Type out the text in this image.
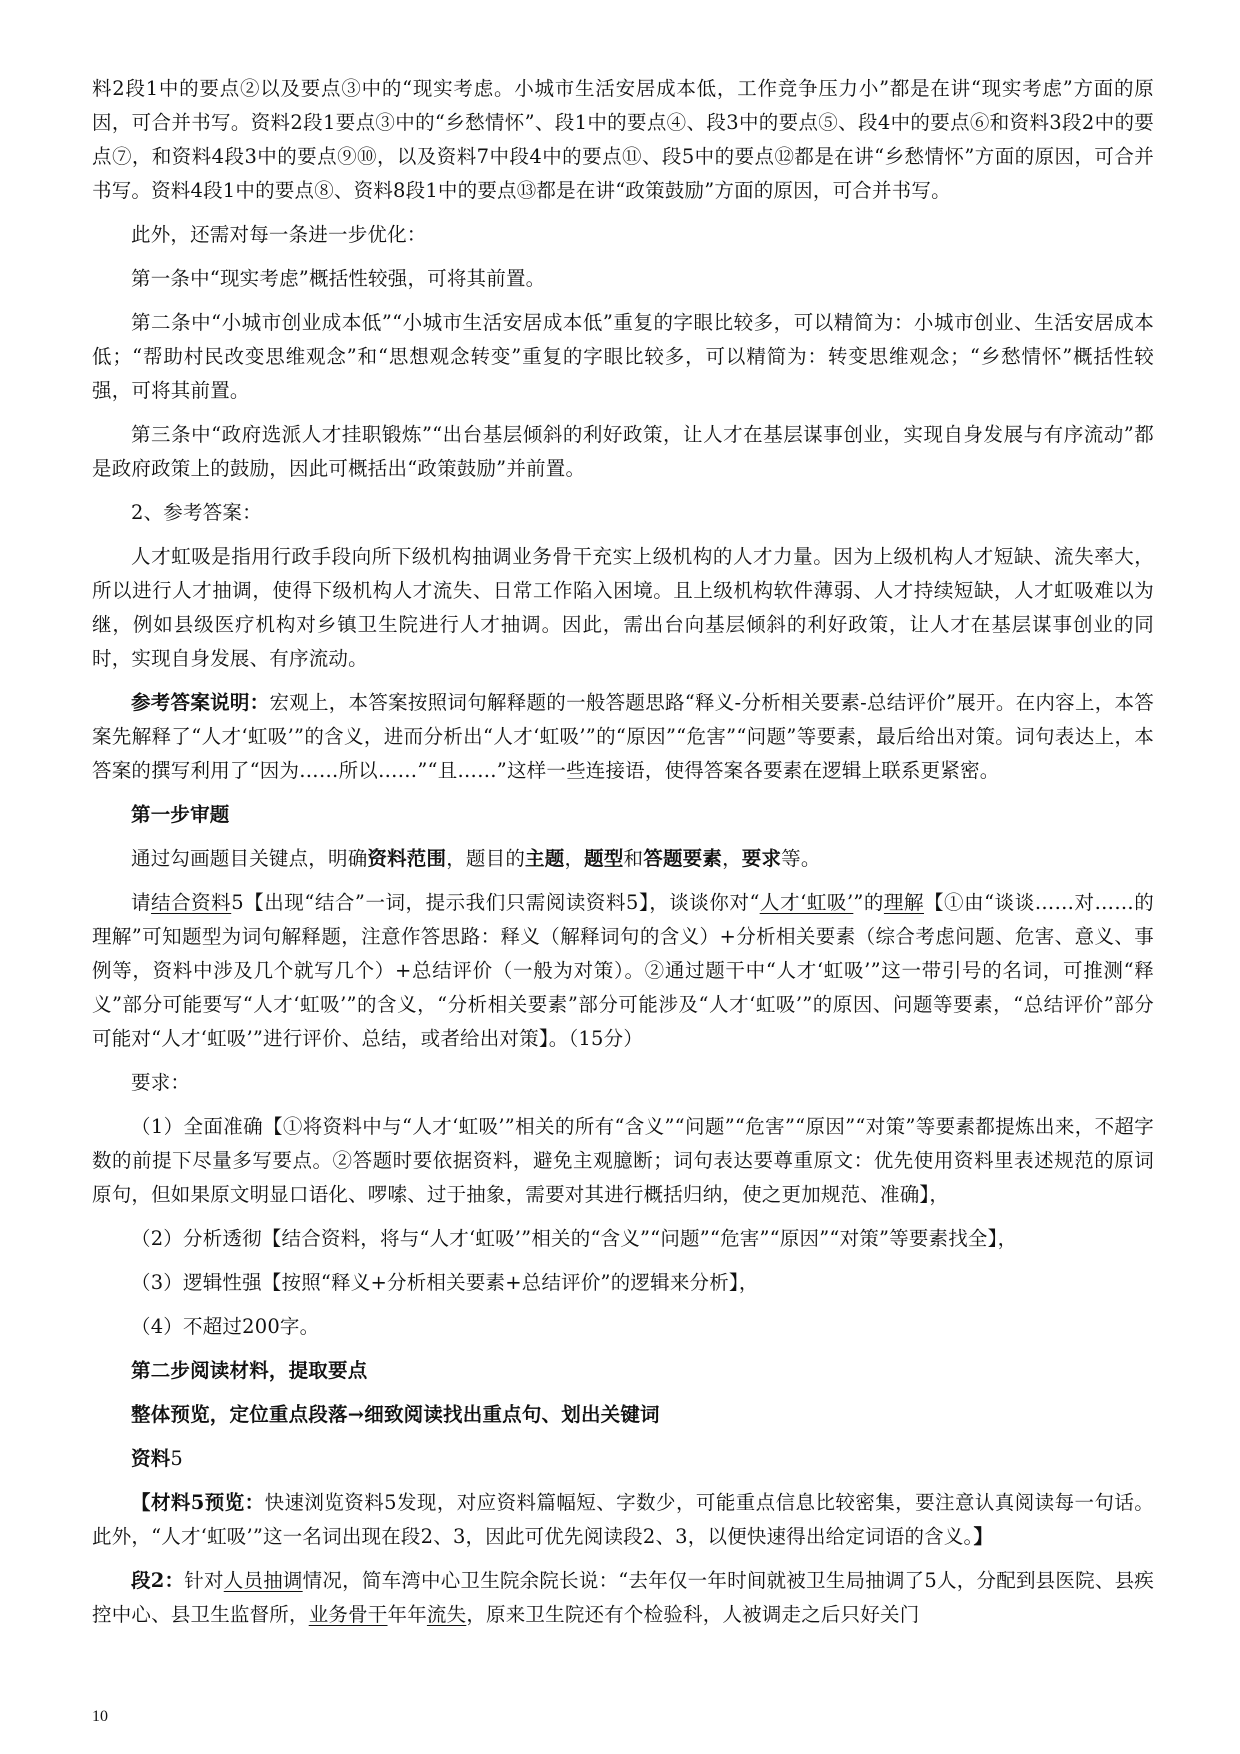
料2段1中的要点②以及要点③中的“现实考虑。小城市生活安居成本低，工作竞争压力小”都是在讲“现实考虑”方面的原因，可合并书写。资料2段1要点③中的“乡愁情怀”、段1中的要点④、段3中的要点⑤、段4中的要点⑥和资料3段2中的要点⑦，和资料4段3中的要点⑨⑩，以及资料7中段4中的要点⑪、段5中的要点⑫都是在讲“乡愁情怀”方面的原因，可合并书写。资料4段1中的要点⑧、资料8段1中的要点⑬都是在讲“政策鼓励”方面的原因，可合并书写。

此外，还需对每一条进一步优化：

第一条中“现实考虑”概括性较强，可将其前置。

第二条中“小城市创业成本低”“小城市生活安居成本低”重复的字眼比较多，可以精简为：小城市创业、生活安居成本低；“帮助村民改变思维观念”和“思想观念转变”重复的字眼比较多，可以精简为：转变思维观念；“乡愁情怀”概括性较强，可将其前置。

第三条中“政府选派人才挂职锻炼”“出台基层倾斜的利好政策，让人才在基层谋事创业，实现自身发展与有序流动”都是政府政策上的鼓励，因此可概括出“政策鼓励”并前置。

2、参考答案：

人才虹吸是指用行政手段向所下级机构抽调业务骨干充实上级机构的人才力量。因为上级机构人才短缺、流失率大，所以进行人才抽调，使得下级机构人才流失、日常工作陷入困境。且上级机构软件薄弱、人才持续短缺，人才虹吸难以为继，例如县级医疗机构对乡镇卫生院进行人才抽调。因此，需出台向基层倾斜的利好政策，让人才在基层谋事创业的同时，实现自身发展、有序流动。

参考答案说明：宏观上，本答案按照词句解释题的一般答题思路“释义-分析相关要素-总结评价”展开。在内容上，本答案先解释了“人才‘虹吸’”的含义，进而分析出“人才‘虹吸’”的“原因”“危害”“问题”等要素，最后给出对策。词句表达上，本答案的撰写利用了“因为……所以……”“且……”这样一些连接语，使得答案各要素在逻辑上联系更紧密。

第一步审题

通过勾画题目关键点，明确资料范围，题目的主题，题型和答题要素，要求等。

请结合资料5【出现“结合”一词，提示我们只需阅读资料5】，谈谈你对“人才‘虹吸’”的理解【①由“谈谈……对……的理解”可知题型为词句解释题，注意作答思路：释义（解释词句的含义）+分析相关要素（综合考虑问题、危害、意义、事例等，资料中涉及几个就写几个）+总结评价（一般为对策）。②通过题干中“人才‘虹吸’”这一带引号的名词，可推测“释义”部分可能要写“人才‘虹吸’”的含义，“分析相关要素”部分可能涉及“人才‘虹吸’”的原因、问题等要素，“总结评价”部分可能对“人才‘虹吸’”进行评价、总结，或者给出对策】。（15分）

要求：

（1）全面准确【①将资料中与“人才‘虹吸’”相关的所有“含义”“问题”“危害”“原因”“对策”等要素都提炼出来，不超字数的前提下尽量多写要点。②答题时要依据资料，避免主观臆断；词句表达要尊重原文：优先使用资料里表述规范的原词原句，但如果原文明显口语化、啰嗦、过于抽象，需要对其进行概括归纳，使之更加规范、准确】，

（2）分析透彻【结合资料，将与“人才‘虹吸’”相关的“含义”“问题”“危害”“原因”“对策”等要素找全】，

（3）逻辑性强【按照“释义+分析相关要素+总结评价”的逻辑来分析】，

（4）不超过200字。

第二步阅读材料，提取要点

整体预览，定位重点段落→细致阅读找出重点句、划出关键词

资料5

【材料5预览：快速浏览资料5发现，对应资料篇幅短、字数少，可能重点信息比较密集，要注意认真阅读每一句话。此外，“人才‘虹吸’”这一名词出现在段2、3，因此可优先阅读段2、3，以便快速得出给定词语的含义。】

段2：针对人员抽调情况，简车湾中心卫生院余院长说：“去年仅一年时间就被卫生局抽调了5人，分配到县医院、县疾控中心、县卫生监督所，业务骨干年年流失，原来卫生院还有个检验科，人被调走之后只好关门

10
